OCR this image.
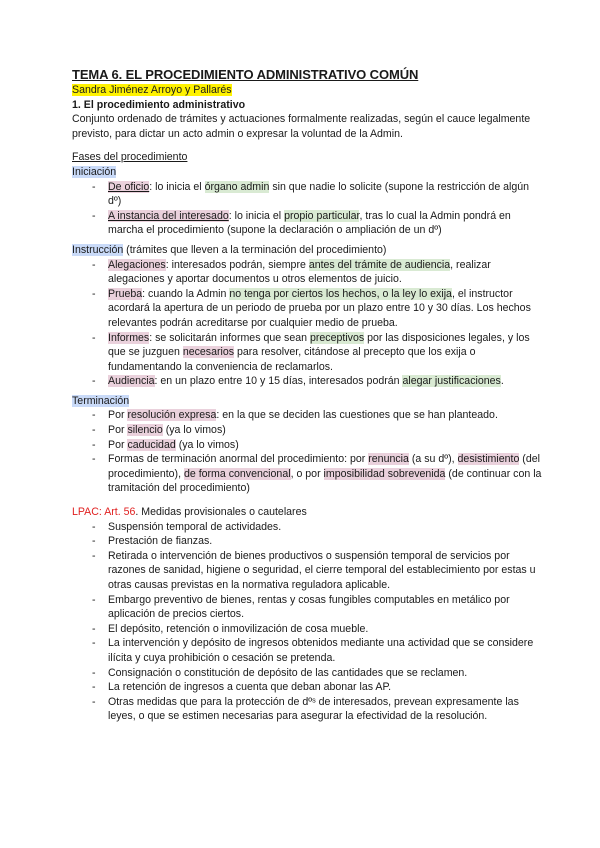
TEMA 6. EL PROCEDIMIENTO ADMINISTRATIVO COMÚN
Sandra Jiménez Arroyo y Pallarés
1. El procedimiento administrativo
Conjunto ordenado de trámites y actuaciones formalmente realizadas, según el cauce legalmente previsto, para dictar un acto admin o expresar la voluntad de la Admin.
Fases del procedimiento
Iniciación
- De oficio: lo inicia el órgano admin sin que nadie lo solicite (supone la restricción de algún dº)
- A instancia del interesado: lo inicia el propio particular, tras lo cual la Admin pondrá en marcha el procedimiento (supone la declaración o ampliación de un dº)
Instrucción (trámites que lleven a la terminación del procedimiento)
- Alegaciones: interesados podrán, siempre antes del trámite de audiencia, realizar alegaciones y aportar documentos u otros elementos de juicio.
- Prueba: cuando la Admin no tenga por ciertos los hechos, o la ley lo exija, el instructor acordará la apertura de un periodo de prueba por un plazo entre 10 y 30 días. Los hechos relevantes podrán acreditarse por cualquier medio de prueba.
- Informes: se solicitarán informes que sean preceptivos por las disposiciones legales, y los que se juzguen necesarios para resolver, citándose al precepto que los exija o fundamentando la conveniencia de reclamarlos.
- Audiencia: en un plazo entre 10 y 15 días, interesados podrán alegar justificaciones.
Terminación
- Por resolución expresa: en la que se deciden las cuestiones que se han planteado.
- Por silencio (ya lo vimos)
- Por caducidad (ya lo vimos)
- Formas de terminación anormal del procedimiento: por renuncia (a su dº), desistimiento (del procedimiento), de forma convencional, o por imposibilidad sobrevenida (de continuar con la tramitación del procedimiento)
LPAC: Art. 56. Medidas provisionales o cautelares
- Suspensión temporal de actividades.
- Prestación de fianzas.
- Retirada o intervención de bienes productivos o suspensión temporal de servicios por razones de sanidad, higiene o seguridad, el cierre temporal del establecimiento por estas u otras causas previstas en la normativa reguladora aplicable.
- Embargo preventivo de bienes, rentas y cosas fungibles computables en metálico por aplicación de precios ciertos.
- El depósito, retención o inmovilización de cosa mueble.
- La intervención y depósito de ingresos obtenidos mediante una actividad que se considere ilícita y cuya prohibición o cesación se pretenda.
- Consignación o constitución de depósito de las cantidades que se reclamen.
- La retención de ingresos a cuenta que deban abonar las AP.
- Otras medidas que para la protección de dºˢ de interesados, prevean expresamente las leyes, o que se estimen necesarias para asegurar la efectividad de la resolución.
